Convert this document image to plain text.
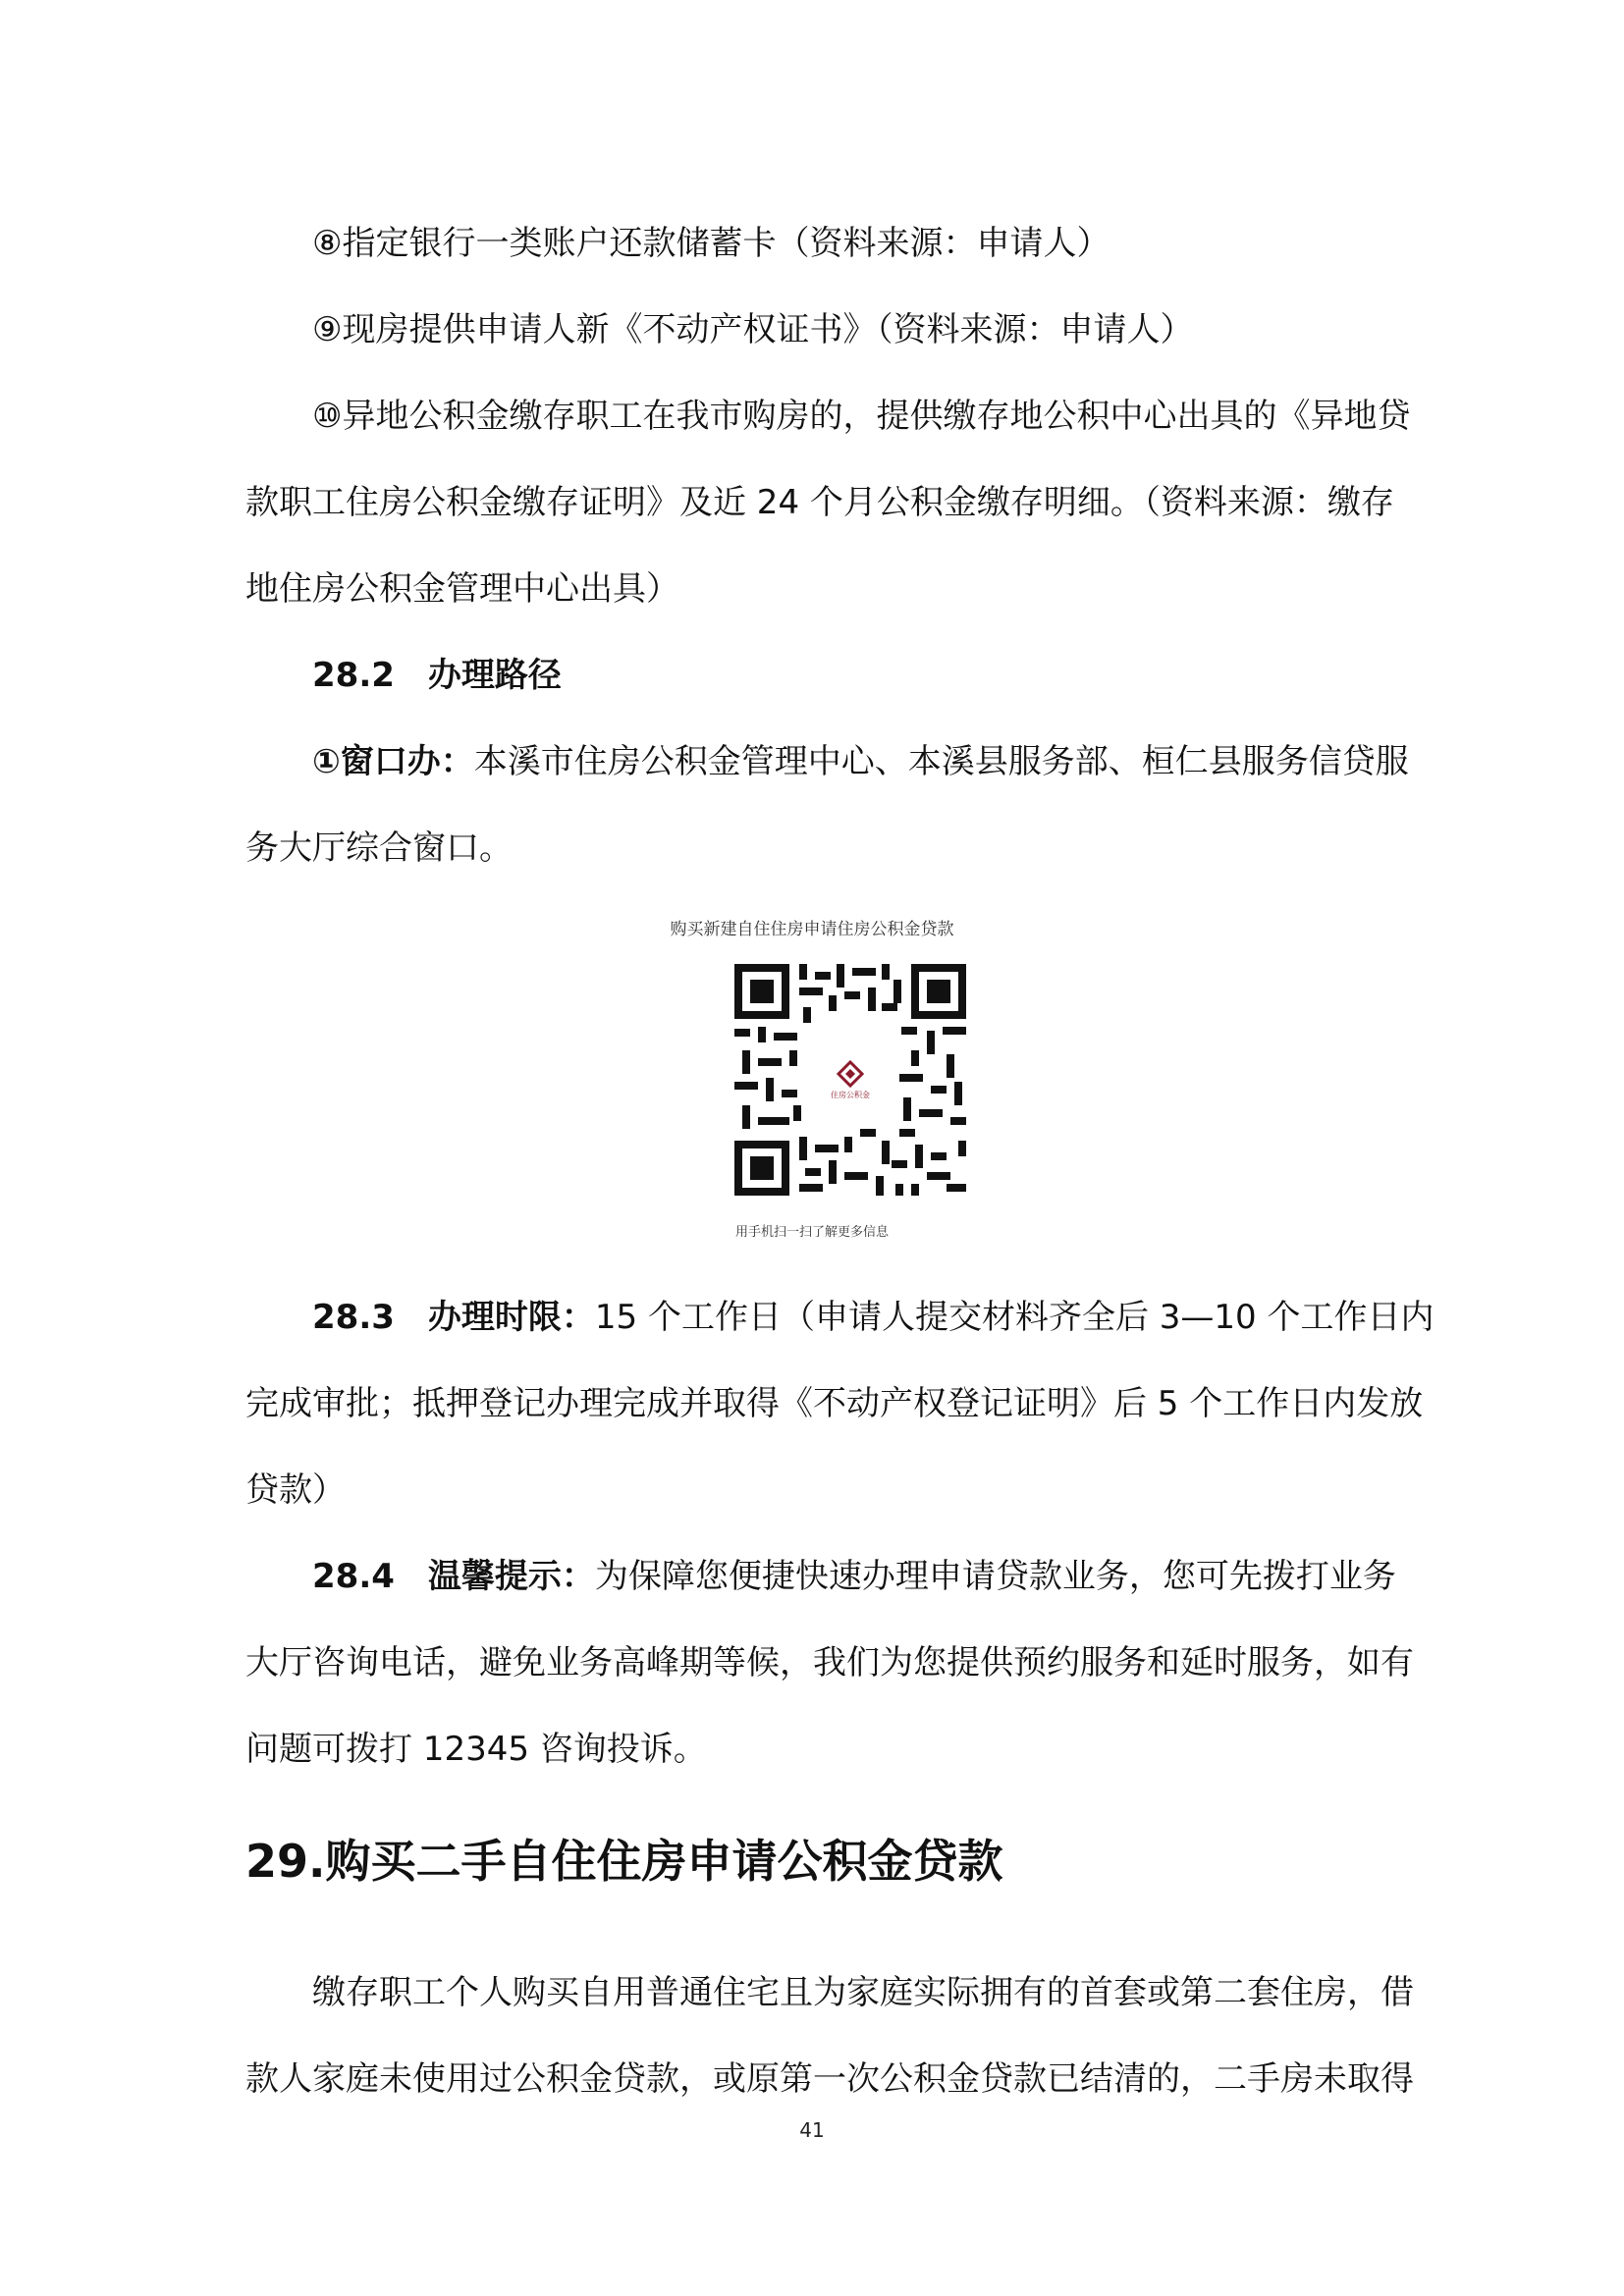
⑧指定银行一类账户还款储蓄卡（资料来源：申请人）

⑨现房提供申请人新《不动产权证书》（资料来源：申请人）

⑩异地公积金缴存职工在我市购房的，提供缴存地公积中心出具的《异地贷
款职工住房公积金缴存证明》及近 24 个月公积金缴存明细。（资料来源：缴存
地住房公积金管理中心出具）

28.2　办理路径

①窗口办：本溪市住房公积金管理中心、本溪县服务部、桓仁县服务信贷服
务大厅综合窗口。
购买新建自住住房申请住房公积金贷款
住房公积金
用手机扫一扫了解更多信息
28.3　办理时限：15 个工作日（申请人提交材料齐全后 3—10 个工作日内
完成审批；抵押登记办理完成并取得《不动产权登记证明》后 5 个工作日内发放
贷款）
28.4　温馨提示：为保障您便捷快速办理申请贷款业务，您可先拨打业务
大厅咨询电话，避免业务高峰期等候，我们为您提供预约服务和延时服务，如有
问题可拨打 12345 咨询投诉。
29.购买二手自住住房申请公积金贷款
缴存职工个人购买自用普通住宅且为家庭实际拥有的首套或第二套住房，借
款人家庭未使用过公积金贷款，或原第一次公积金贷款已结清的，二手房未取得
41
